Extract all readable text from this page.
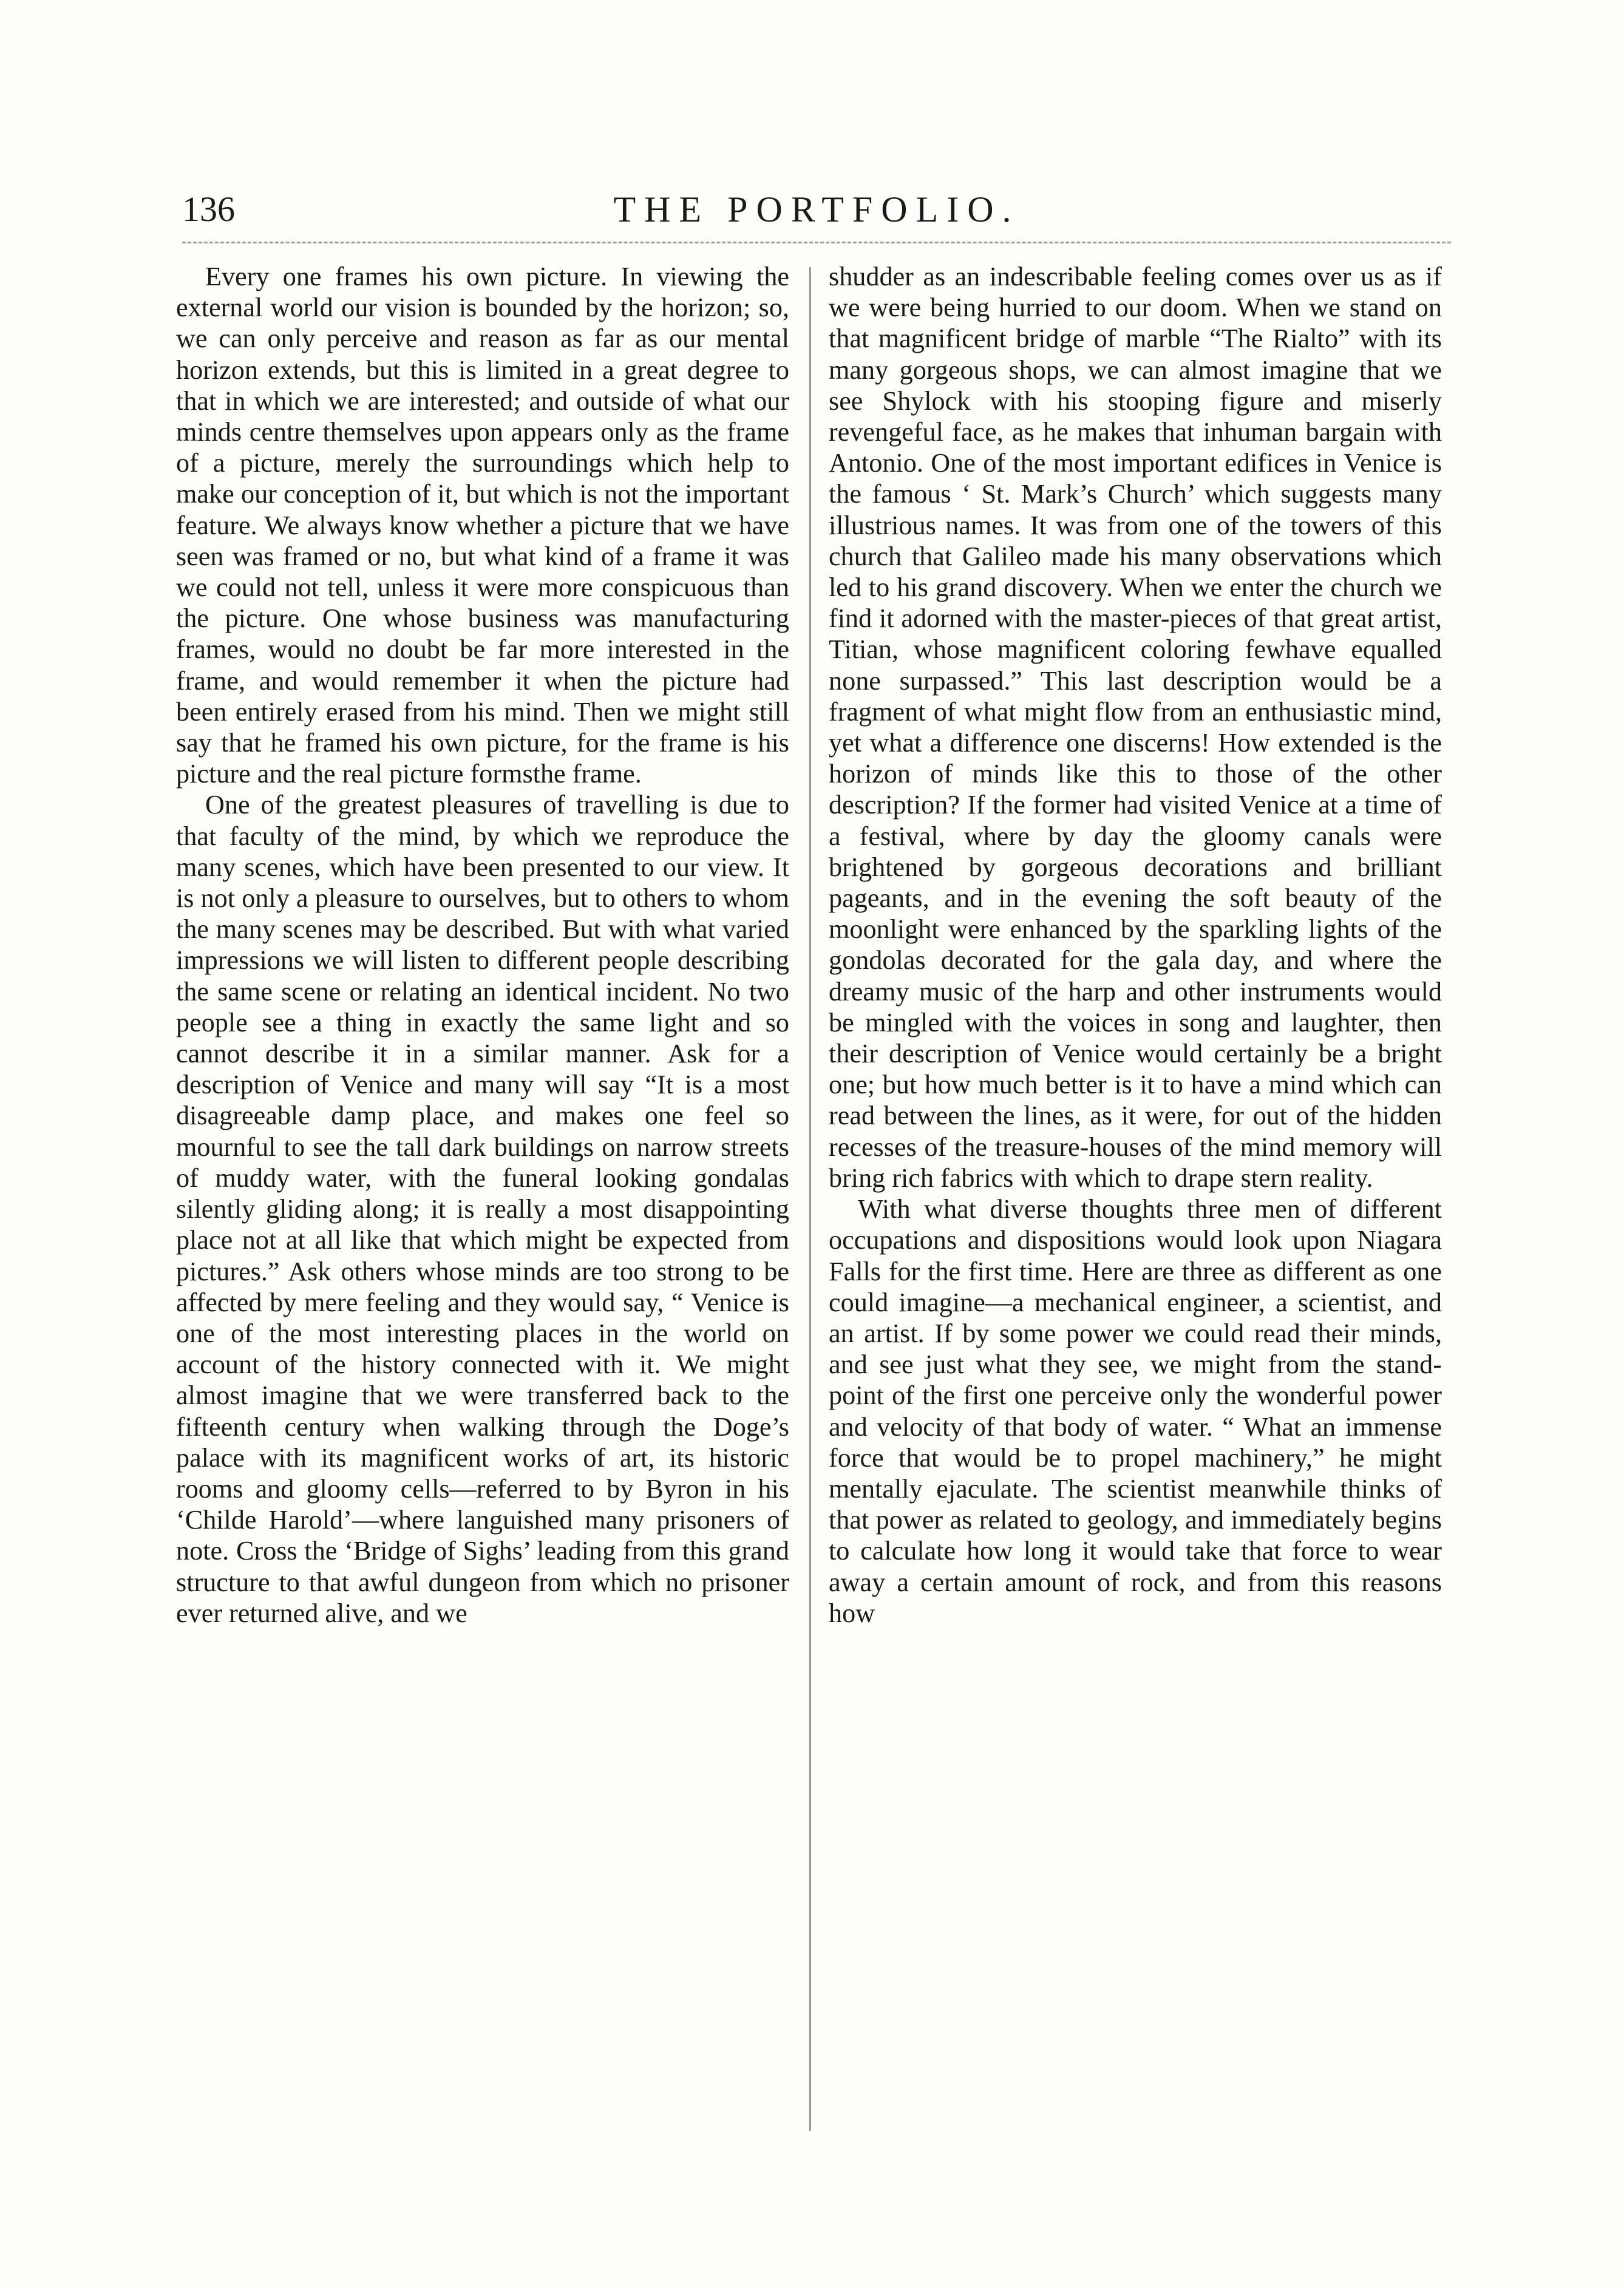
136	THE PORTFOLIO.

Every one frames his own picture. In viewing the external world our vision is bounded by the horizon; so, we can only perceive and reason as far as our mental horizon extends, but this is limited in a great degree to that in which we are interested; and outside of what our minds centre themselves upon appears only as the frame of a picture, merely the surroundings which help to make our conception of it, but which is not the important feature. We always know whether a picture that we have seen was framed or no, but what kind of a frame it was we could not tell, unless it were more conspicuous than the picture. One whose business was manufacturing frames, would no doubt be far more interested in the frame, and would remember it when the picture had been entirely erased from his mind. Then we might still say that he framed his own picture, for the frame is his picture and the real picture formsthe frame.

One of the greatest pleasures of travelling is due to that faculty of the mind, by which we reproduce the many scenes, which have been presented to our view. It is not only a pleasure to ourselves, but to others to whom the many scenes may be described. But with what varied impressions we will listen to different people describing the same scene or relating an identical incident. No two people see a thing in exactly the same light and so cannot describe it in a similar manner. Ask for a description of Venice and many will say “It is a most disagreeable damp place, and makes one feel so mournful to see the tall dark buildings on narrow streets of muddy water, with the funeral looking gondalas silently gliding along; it is really a most disappointing place not at all like that which might be expected from pictures.” Ask others whose minds are too strong to be affected by mere feeling and they would say, “ Venice is one of the most interesting places in the world on account of the history connected with it. We might almost imagine that we were transferred back to the fifteenth century when walking through the Doge’s palace with its magnificent works of art, its historic rooms and gloomy cells—referred to by Byron in his ‘Childe Harold’—where languished many prisoners of note. Cross the ‘Bridge of Sighs’ leading from this grand structure to that awful dungeon from which no prisoner ever returned alive, and we

shudder as an indescribable feeling comes over us as if we were being hurried to our doom. When we stand on that magnificent bridge of marble “The Rialto” with its many gorgeous shops, we can almost imagine that we see Shylock with his stooping figure and miserly revengeful face, as he makes that inhuman bargain with Antonio. One of the most important edifices in Venice is the famous ‘ St. Mark’s Church’ which suggests many illustrious names. It was from one of the towers of this church that Galileo made his many observations which led to his grand discovery. When we enter the church we find it adorned with the master-pieces of that great artist, Titian, whose magnificent coloring fewhave equalled none surpassed.” This last description would be a fragment of what might flow from an enthusiastic mind, yet what a difference one discerns! How extended is the horizon of minds like this to those of the other description? If the former had visited Venice at a time of a festival, where by day the gloomy canals were brightened by gorgeous decorations and brilliant pageants, and in the evening the soft beauty of the moonlight were enhanced by the sparkling lights of the gondolas decorated for the gala day, and where the dreamy music of the harp and other instruments would be mingled with the voices in song and laughter, then their description of Venice would certainly be a bright one; but how much better is it to have a mind which can read between the lines, as it were, for out of the hidden recesses of the treasure-houses of the mind memory will bring rich fabrics with which to drape stern reality.

With what diverse thoughts three men of different occupations and dispositions would look upon Niagara Falls for the first time. Here are three as different as one could imagine—a mechanical engineer, a scientist, and an artist. If by some power we could read their minds, and see just what they see, we might from the stand-point of the first one perceive only the wonderful power and velocity of that body of water. “ What an immense force that would be to propel machinery,” he might mentally ejaculate. The scientist meanwhile thinks of that power as related to geology, and immediately begins to calculate how long it would take that force to wear away a certain amount of rock, and from this reasons how
